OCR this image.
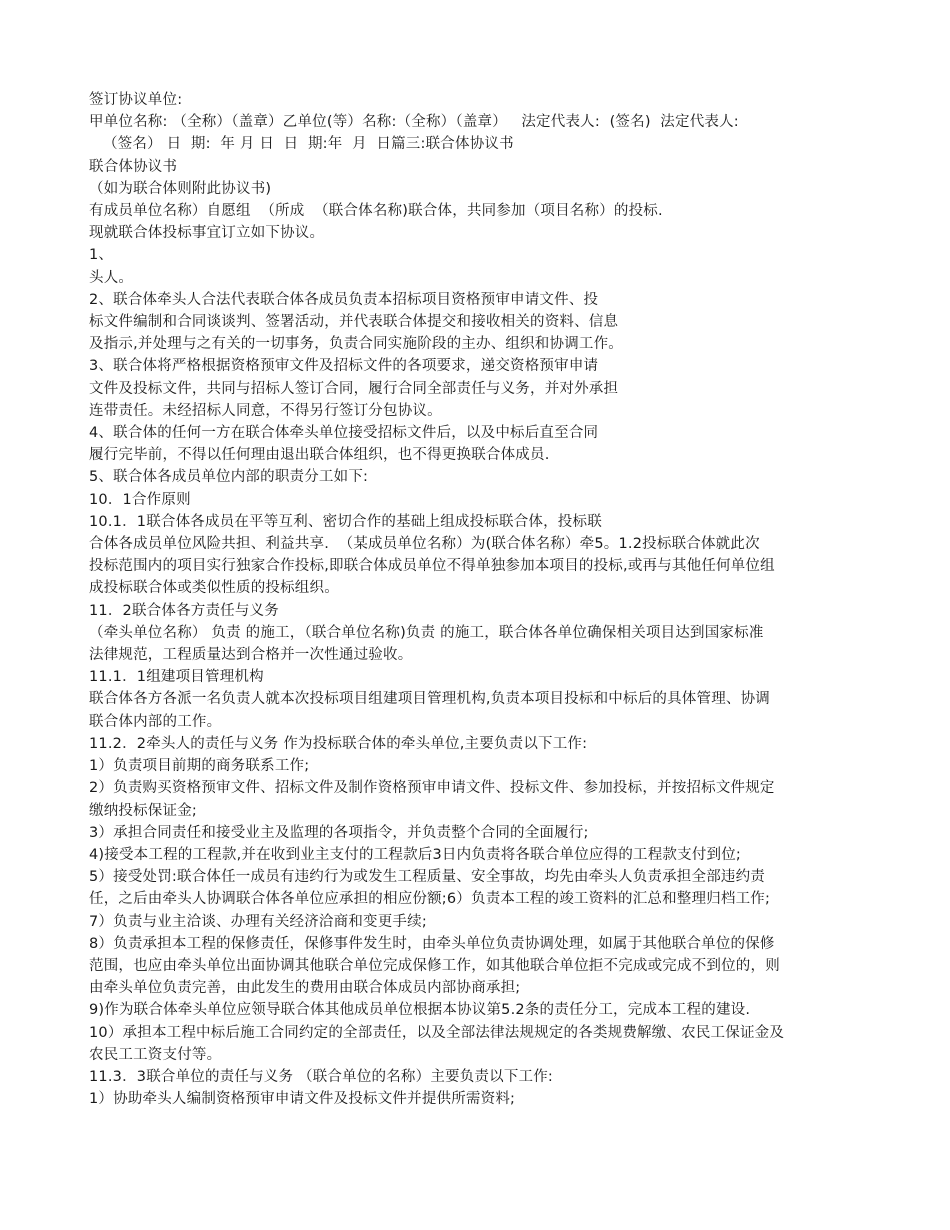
签订协议单位:
甲单位名称: （全称）（盖章）乙单位(等）名称:（全称）（盖章）   法定代表人:  (签名)  法定代表人:
（签名） 日  期:  年 月 日  日  期:年  月  日篇三:联合体协议书
联合体协议书
（如为联合体则附此协议书)
有成员单位名称）自愿组  （所成  （联合体名称)联合体，共同参加（项目名称）的投标.
现就联合体投标事宜订立如下协议。
1、
头人。
2、联合体牵头人合法代表联合体各成员负责本招标项目资格预审申请文件、投
标文件编制和合同谈谈判、签署活动，并代表联合体提交和接收相关的资料、信息
及指示,并处理与之有关的一切事务，负责合同实施阶段的主办、组织和协调工作。
3、联合体将严格根据资格预审文件及招标文件的各项要求，递交资格预审申请
文件及投标文件，共同与招标人签订合同，履行合同全部责任与义务，并对外承担
连带责任。未经招标人同意，不得另行签订分包协议。
4、联合体的任何一方在联合体牵头单位接受招标文件后，以及中标后直至合同
履行完毕前，不得以任何理由退出联合体组织，也不得更换联合体成员.
5、联合体各成员单位内部的职责分工如下:
10．1合作原则
10.1．1联合体各成员在平等互利、密切合作的基础上组成投标联合体，投标联
合体各成员单位风险共担、利益共享.  （某成员单位名称）为(联合体名称）牵5。1.2投标联合体就此次
投标范围内的项目实行独家合作投标,即联合体成员单位不得单独参加本项目的投标,或再与其他任何单位组
成投标联合体或类似性质的投标组织。
11．2联合体各方责任与义务
（牵头单位名称） 负责 的施工，（联合单位名称)负责 的施工，联合体各单位确保相关项目达到国家标准
法律规范，工程质量达到合格并一次性通过验收。
11.1．1组建项目管理机构
联合体各方各派一名负责人就本次投标项目组建项目管理机构,负责本项目投标和中标后的具体管理、协调
联合体内部的工作。
11.2．2牵头人的责任与义务 作为投标联合体的牵头单位,主要负责以下工作:
1）负责项目前期的商务联系工作;
2）负责购买资格预审文件、招标文件及制作资格预审申请文件、投标文件、参加投标，并按招标文件规定
缴纳投标保证金;
3）承担合同责任和接受业主及监理的各项指令，并负责整个合同的全面履行;
4)接受本工程的工程款,并在收到业主支付的工程款后3日内负责将各联合单位应得的工程款支付到位;
5）接受处罚:联合体任一成员有违约行为或发生工程质量、安全事故，均先由牵头人负责承担全部违约责
任，之后由牵头人协调联合体各单位应承担的相应份额;6）负责本工程的竣工资料的汇总和整理归档工作;
7）负责与业主洽谈、办理有关经济洽商和变更手续;
8）负责承担本工程的保修责任，保修事件发生时，由牵头单位负责协调处理，如属于其他联合单位的保修
范围，也应由牵头单位出面协调其他联合单位完成保修工作，如其他联合单位拒不完成或完成不到位的，则
由牵头单位负责完善，由此发生的费用由联合体成员内部协商承担;
9)作为联合体牵头单位应领导联合体其他成员单位根据本协议第5.2条的责任分工，完成本工程的建设.
10）承担本工程中标后施工合同约定的全部责任，以及全部法律法规规定的各类规费解缴、农民工保证金及
农民工工资支付等。
11.3．3联合单位的责任与义务 （联合单位的名称）主要负责以下工作:
1）协助牵头人编制资格预审申请文件及投标文件并提供所需资料;
